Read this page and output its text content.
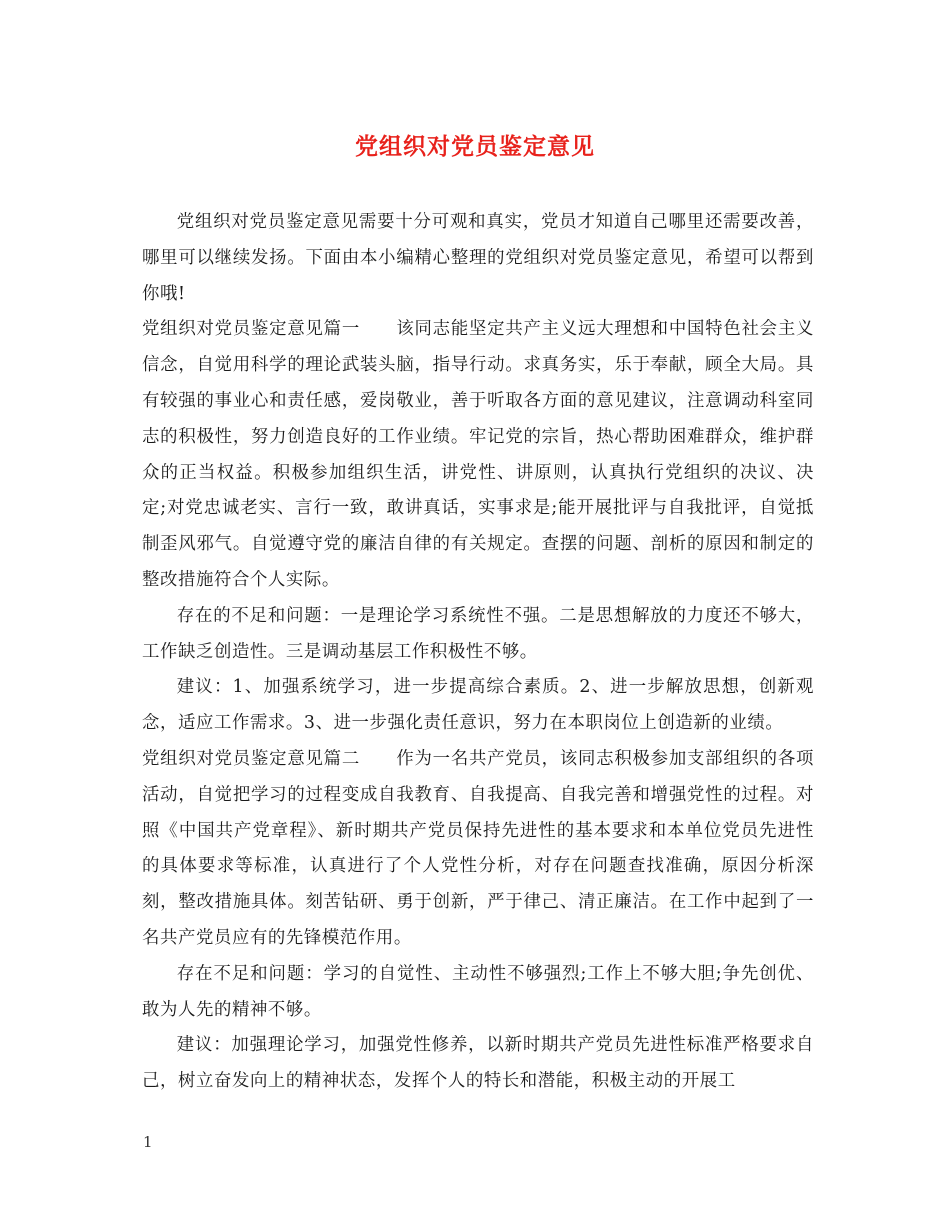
党组织对党员鉴定意见

党组织对党员鉴定意见需要十分可观和真实，党员才知道自己哪里还需要改善，哪里可以继续发扬。下面由本小编精心整理的党组织对党员鉴定意见，希望可以帮到你哦!

党组织对党员鉴定意见篇一　　该同志能坚定共产主义远大理想和中国特色社会主义信念，自觉用科学的理论武装头脑，指导行动。求真务实，乐于奉献，顾全大局。具有较强的事业心和责任感，爱岗敬业，善于听取各方面的意见建议，注意调动科室同志的积极性，努力创造良好的工作业绩。牢记党的宗旨，热心帮助困难群众，维护群众的正当权益。积极参加组织生活，讲党性、讲原则，认真执行党组织的决议、决定;对党忠诚老实、言行一致，敢讲真话，实事求是;能开展批评与自我批评，自觉抵制歪风邪气。自觉遵守党的廉洁自律的有关规定。查摆的问题、剖析的原因和制定的整改措施符合个人实际。

存在的不足和问题：一是理论学习系统性不强。二是思想解放的力度还不够大，工作缺乏创造性。三是调动基层工作积极性不够。

建议：1、加强系统学习，进一步提高综合素质。2、进一步解放思想，创新观念，适应工作需求。3、进一步强化责任意识，努力在本职岗位上创造新的业绩。

党组织对党员鉴定意见篇二　　作为一名共产党员，该同志积极参加支部组织的各项活动，自觉把学习的过程变成自我教育、自我提高、自我完善和增强党性的过程。对照《中国共产党章程》、新时期共产党员保持先进性的基本要求和本单位党员先进性的具体要求等标准，认真进行了个人党性分析，对存在问题查找准确，原因分析深刻，整改措施具体。刻苦钻研、勇于创新，严于律己、清正廉洁。在工作中起到了一名共产党员应有的先锋模范作用。

存在不足和问题：学习的自觉性、主动性不够强烈;工作上不够大胆;争先创优、敢为人先的精神不够。

建议：加强理论学习，加强党性修养，以新时期共产党员先进性标准严格要求自己，树立奋发向上的精神状态，发挥个人的特长和潜能，积极主动的开展工

1
